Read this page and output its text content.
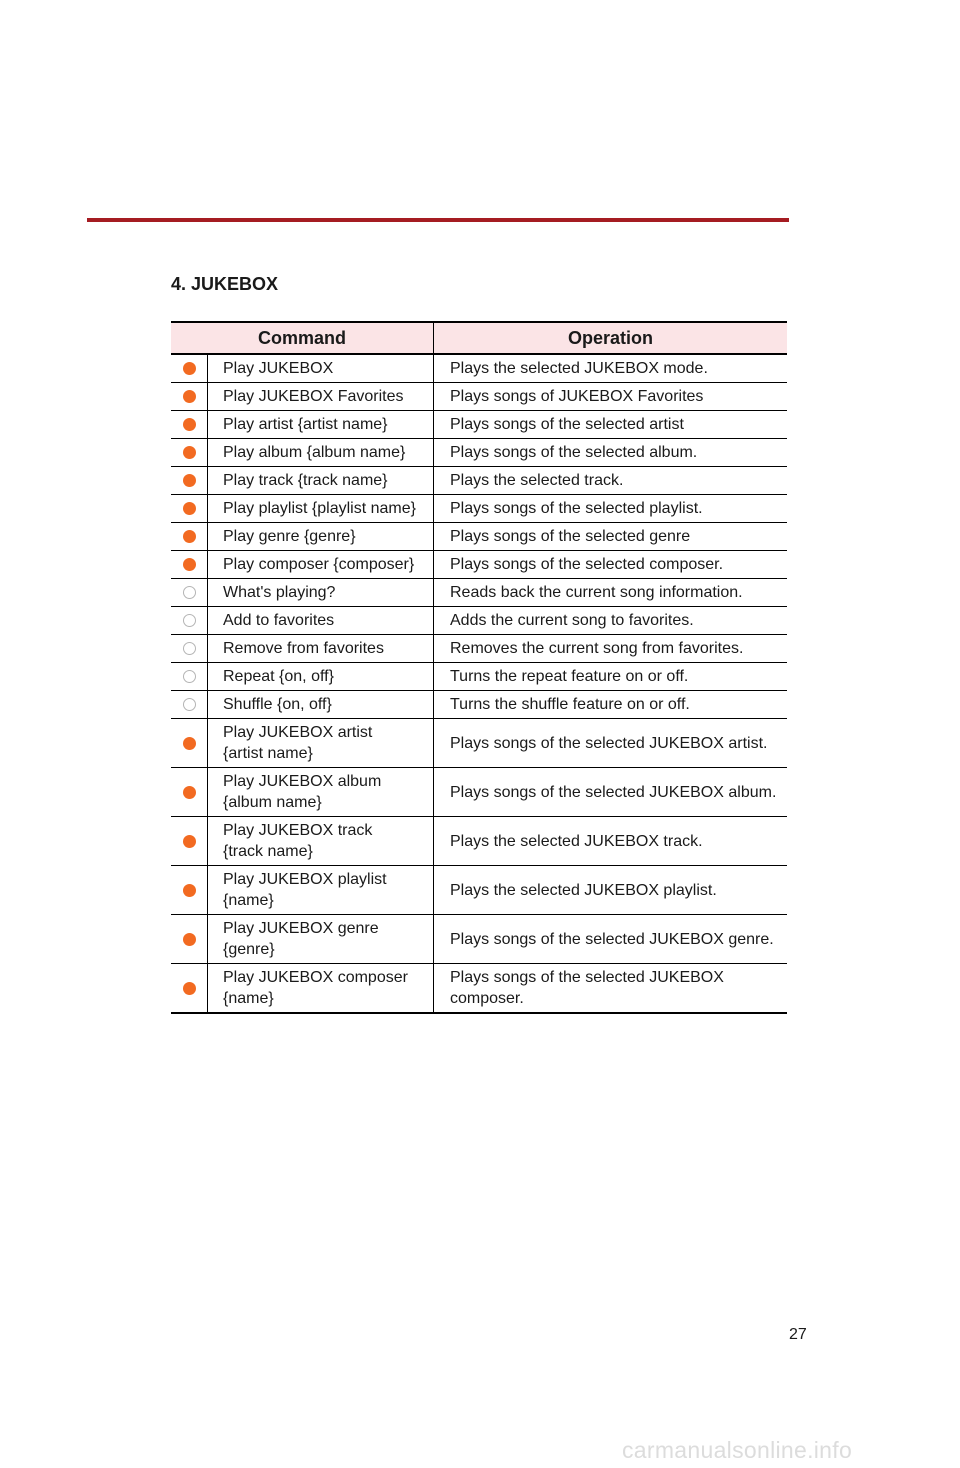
4. JUKEBOX
Command		Operation
	Play JUKEBOX	Plays the selected JUKEBOX mode.
	Play JUKEBOX Favorites	Plays songs of JUKEBOX Favorites
	Play artist {artist name}	Plays songs of the selected artist
	Play album {album name}	Plays songs of the selected album.
	Play track {track name}	Plays the selected track.
	Play playlist {playlist name}	Plays songs of the selected playlist.
	Play genre {genre}	Plays songs of the selected genre
	Play composer {composer}	Plays songs of the selected composer.
	What's playing?	Reads back the current song information.
	Add to favorites	Adds the current song to favorites.
	Remove from favorites	Removes the current song from favorites.
	Repeat {on, off}	Turns the repeat feature on or off.
	Shuffle {on, off}	Turns the shuffle feature on or off.
	Play JUKEBOX artist
{artist name}	Plays songs of the selected JUKEBOX artist.
	Play JUKEBOX album
{album name}	Plays songs of the selected JUKEBOX album.
	Play JUKEBOX track
{track name}	Plays the selected JUKEBOX track.
	Play JUKEBOX playlist
{name}	Plays the selected JUKEBOX playlist.
	Play JUKEBOX genre
{genre}	Plays songs of the selected JUKEBOX genre.
	Play JUKEBOX composer
{name}	Plays songs of the selected JUKEBOX
composer.
27
carmanualsonline.info
